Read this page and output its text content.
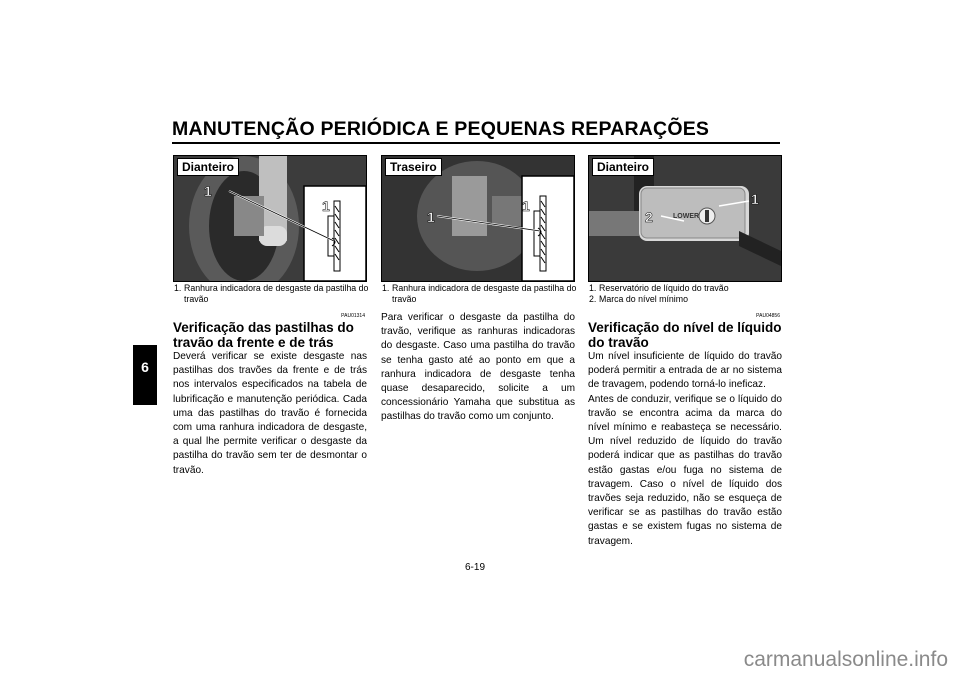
MANUTENÇÃO PERIÓDICA E PEQUENAS REPARAÇÕES
6
1
1
Dianteiro
1. Ranhura indicadora de desgaste da pastilha do travão
1
1
Traseiro
1. Ranhura indicadora de desgaste da pastilha do travão
LOWER
1
2
Dianteiro
1. Reservatório de líquido do travão
2. Marca do nível mínimo
PAU01314
Verificação das pastilhas do travão da frente e de trás
Deverá verificar se existe desgaste nas pastilhas dos travões da frente e de trás nos intervalos especificados na tabela de lubrificação e manutenção periódica. Cada uma das pastilhas do travão é fornecida com uma ranhura indicadora de desgaste, a qual lhe permite verificar o desgaste da pastilha do travão sem ter de desmontar o travão.
Para verificar o desgaste da pastilha do travão, verifique as ranhuras indicadoras do desgaste. Caso uma pastilha do travão se tenha gasto até ao ponto em que a ranhura indicadora de desgaste tenha quase desaparecido, solicite a um concessionário Yamaha que substitua as pastilhas do travão como um conjunto.
PAU04856
Verificação do nível de líquido do travão

Um nível insuficiente de líquido do travão poderá permitir a entrada de ar no sistema de travagem, podendo torná-lo ineficaz.

Antes de conduzir, verifique se o líquido do travão se encontra acima da marca do nível mínimo e reabasteça se necessário. Um nível reduzido de líquido do travão poderá indicar que as pastilhas do travão estão gastas e/ou fuga no sistema de travagem. Caso o nível de líquido dos travões seja reduzido, não se esqueça de verificar se as pastilhas do travão estão gastas e se existem fugas no sistema de travagem.

6-19
carmanualsonline.info
